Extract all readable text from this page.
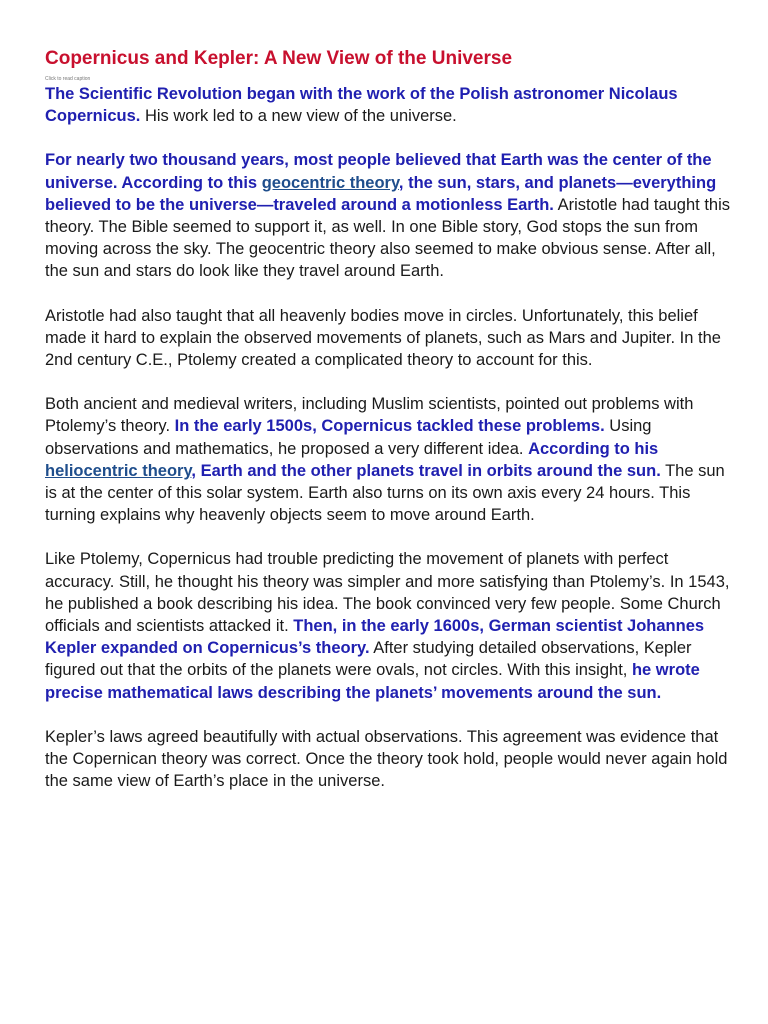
Copernicus and Kepler: A New View of the Universe
Click to read caption

The Scientific Revolution began with the work of the Polish astronomer Nicolaus Copernicus. His work led to a new view of the universe.

For nearly two thousand years, most people believed that Earth was the center of the universe. According to this geocentric theory, the sun, stars, and planets—everything believed to be the universe—traveled around a motionless Earth. Aristotle had taught this theory. The Bible seemed to support it, as well. In one Bible story, God stops the sun from moving across the sky. The geocentric theory also seemed to make obvious sense. After all, the sun and stars do look like they travel around Earth.

Aristotle had also taught that all heavenly bodies move in circles. Unfortunately, this belief made it hard to explain the observed movements of planets, such as Mars and Jupiter. In the 2nd century C.E., Ptolemy created a complicated theory to account for this.

Both ancient and medieval writers, including Muslim scientists, pointed out problems with Ptolemy’s theory. In the early 1500s, Copernicus tackled these problems. Using observations and mathematics, he proposed a very different idea. According to his heliocentric theory, Earth and the other planets travel in orbits around the sun. The sun is at the center of this solar system. Earth also turns on its own axis every 24 hours. This turning explains why heavenly objects seem to move around Earth.

Like Ptolemy, Copernicus had trouble predicting the movement of planets with perfect accuracy. Still, he thought his theory was simpler and more satisfying than Ptolemy’s. In 1543, he published a book describing his idea. The book convinced very few people. Some Church officials and scientists attacked it. Then, in the early 1600s, German scientist Johannes Kepler expanded on Copernicus’s theory. After studying detailed observations, Kepler figured out that the orbits of the planets were ovals, not circles. With this insight, he wrote precise mathematical laws describing the planets’ movements around the sun.

Kepler’s laws agreed beautifully with actual observations. This agreement was evidence that the Copernican theory was correct. Once the theory took hold, people would never again hold the same view of Earth’s place in the universe.
